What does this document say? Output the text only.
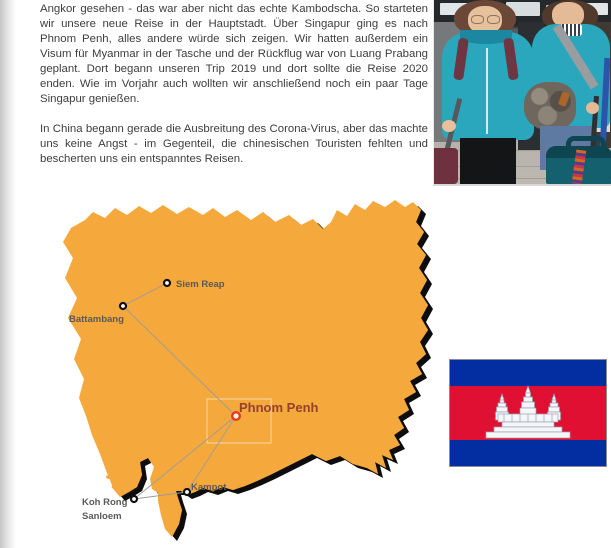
Angkor gesehen - das war aber nicht das echte Kambodscha. So starteten wir unsere neue Reise in der Hauptstadt. Über Singapur ging es nach Phnom Penh, alles andere würde sich zeigen. Wir hatten außerdem ein Visum für Myanmar in der Tasche und der Rückflug war von Luang Prabang geplant. Dort begann unseren Trip 2019 und dort sollte die Reise 2020 enden. Wie im Vorjahr auch wollten wir anschließend noch ein paar Tage Singapur genießen.

In China begann gerade die Ausbreitung des Corona-Virus, aber das machte uns keine Angst - im Gegenteil, die chinesischen Touristen fehlten und bescherten uns ein entspanntes Reisen.

Siem Reap
Battambang
Phnom Penh
Kampot
Koh Rong
Sanloem
